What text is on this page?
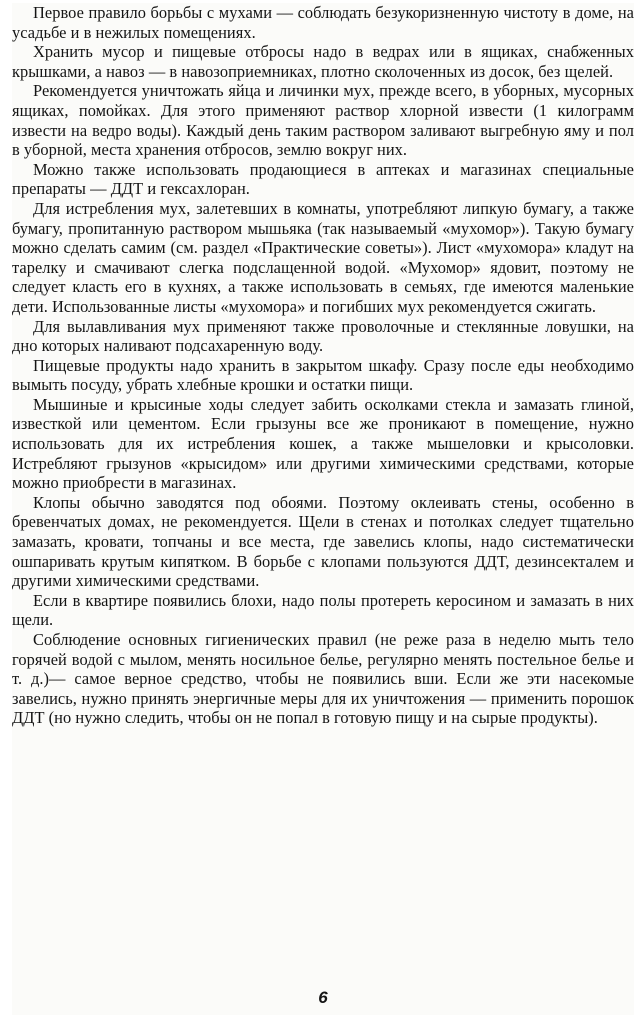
Первое правило борьбы с мухами — соблюдать безукоризненную чистоту в доме, на усадьбе и в нежилых помещениях.

Хранить мусор и пищевые отбросы надо в ведрах или в ящиках, снабженных крышками, а навоз — в навозоприемниках, плотно сколоченных из досок, без щелей.

Рекомендуется уничтожать яйца и личинки мух, прежде всего, в уборных, мусорных ящиках, помойках. Для этого применяют раствор хлорной извести (1 килограмм извести на ведро воды). Каждый день таким раствором заливают выгребную яму и пол в уборной, места хранения отбросов, землю вокруг них.

Можно также использовать продающиеся в аптеках и магазинах специальные препараты — ДДТ и гексахлоран.

Для истребления мух, залетевших в комнаты, употребляют липкую бумагу, а также бумагу, пропитанную раствором мышьяка (так называемый «мухомор»). Такую бумагу можно сделать самим (см. раздел «Практические советы»). Лист «мухомора» кладут на тарелку и смачивают слегка подслащенной водой. «Мухомор» ядовит, поэтому не следует класть его в кухнях, а также использовать в семьях, где имеются маленькие дети. Использованные листы «мухомора» и погибших мух рекомендуется сжигать.

Для вылавливания мух применяют также проволочные и стеклянные ловушки, на дно которых наливают подсахаренную воду.

Пищевые продукты надо хранить в закрытом шкафу. Сразу после еды необходимо вымыть посуду, убрать хлебные крошки и остатки пищи.

Мышиные и крысиные ходы следует забить осколками стекла и замазать глиной, известкой или цементом. Если грызуны все же проникают в помещение, нужно использовать для их истребления кошек, а также мышеловки и крысоловки. Истребляют грызунов «крысидом» или другими химическими средствами, которые можно приобрести в магазинах.

Клопы обычно заводятся под обоями. Поэтому оклеивать стены, особенно в бревенчатых домах, не рекомендуется. Щели в стенах и потолках следует тщательно замазать, кровати, топчаны и все места, где завелись клопы, надо систематически ошпаривать крутым кипятком. В борьбе с клопами пользуются ДДТ, дезинсекталем и другими химическими средствами.

Если в квартире появились блохи, надо полы протереть керосином и замазать в них щели.

Соблюдение основных гигиенических правил (не реже раза в неделю мыть тело горячей водой с мылом, менять носильное белье, регулярно менять постельное белье и т. д.)— самое верное средство, чтобы не появились вши. Если же эти насекомые завелись, нужно принять энергичные меры для их уничтожения — применить порошок ДДТ (но нужно следить, чтобы он не попал в готовую пищу и на сырые продукты).

6
